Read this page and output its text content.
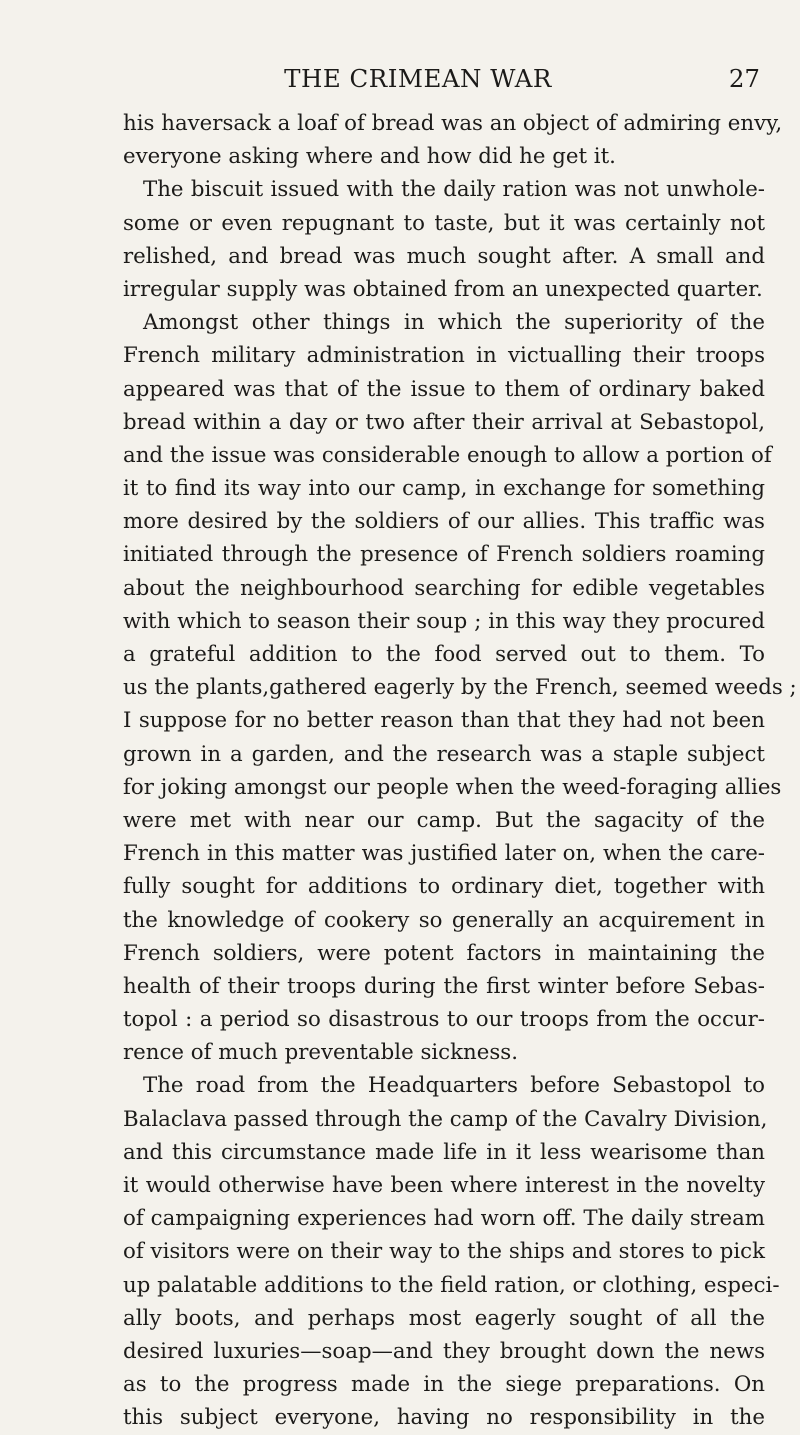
THE CRIMEAN WAR	27
his haversack a loaf of bread was an object of admiring envy,
everyone asking where and how did he get it.
The biscuit issued with the daily ration was not unwhole-
some or even repugnant to taste, but it was certainly not
relished, and bread was much sought after. A small and
irregular supply was obtained from an unexpected quarter.
Amongst other things in which the superiority of the
French military administration in victualling their troops
appeared was that of the issue to them of ordinary baked
bread within a day or two after their arrival at Sebastopol,
and the issue was considerable enough to allow a portion of
it to find its way into our camp, in exchange for something
more desired by the soldiers of our allies. This traffic was
initiated through the presence of French soldiers roaming
about the neighbourhood searching for edible vegetables
with which to season their soup ; in this way they procured
a grateful addition to the food served out to them. To
us the plants,gathered eagerly by the French, seemed weeds ;
I suppose for no better reason than that they had not been
grown in a garden, and the research was a staple subject
for joking amongst our people when the weed-foraging allies
were met with near our camp. But the sagacity of the
French in this matter was justified later on, when the care-
fully sought for additions to ordinary diet, together with
the knowledge of cookery so generally an acquirement in
French soldiers, were potent factors in maintaining the
health of their troops during the first winter before Sebas-
topol : a period so disastrous to our troops from the occur-
rence of much preventable sickness.
The road from the Headquarters before Sebastopol to
Balaclava passed through the camp of the Cavalry Division,
and this circumstance made life in it less wearisome than
it would otherwise have been where interest in the novelty
of campaigning experiences had worn off. The daily stream
of visitors were on their way to the ships and stores to pick
up palatable additions to the field ration, or clothing, especi-
ally boots, and perhaps most eagerly sought of all the
desired luxuries—soap—and they brought down the news
as to the progress made in the siege preparations. On
this subject everyone, having no responsibility in the
